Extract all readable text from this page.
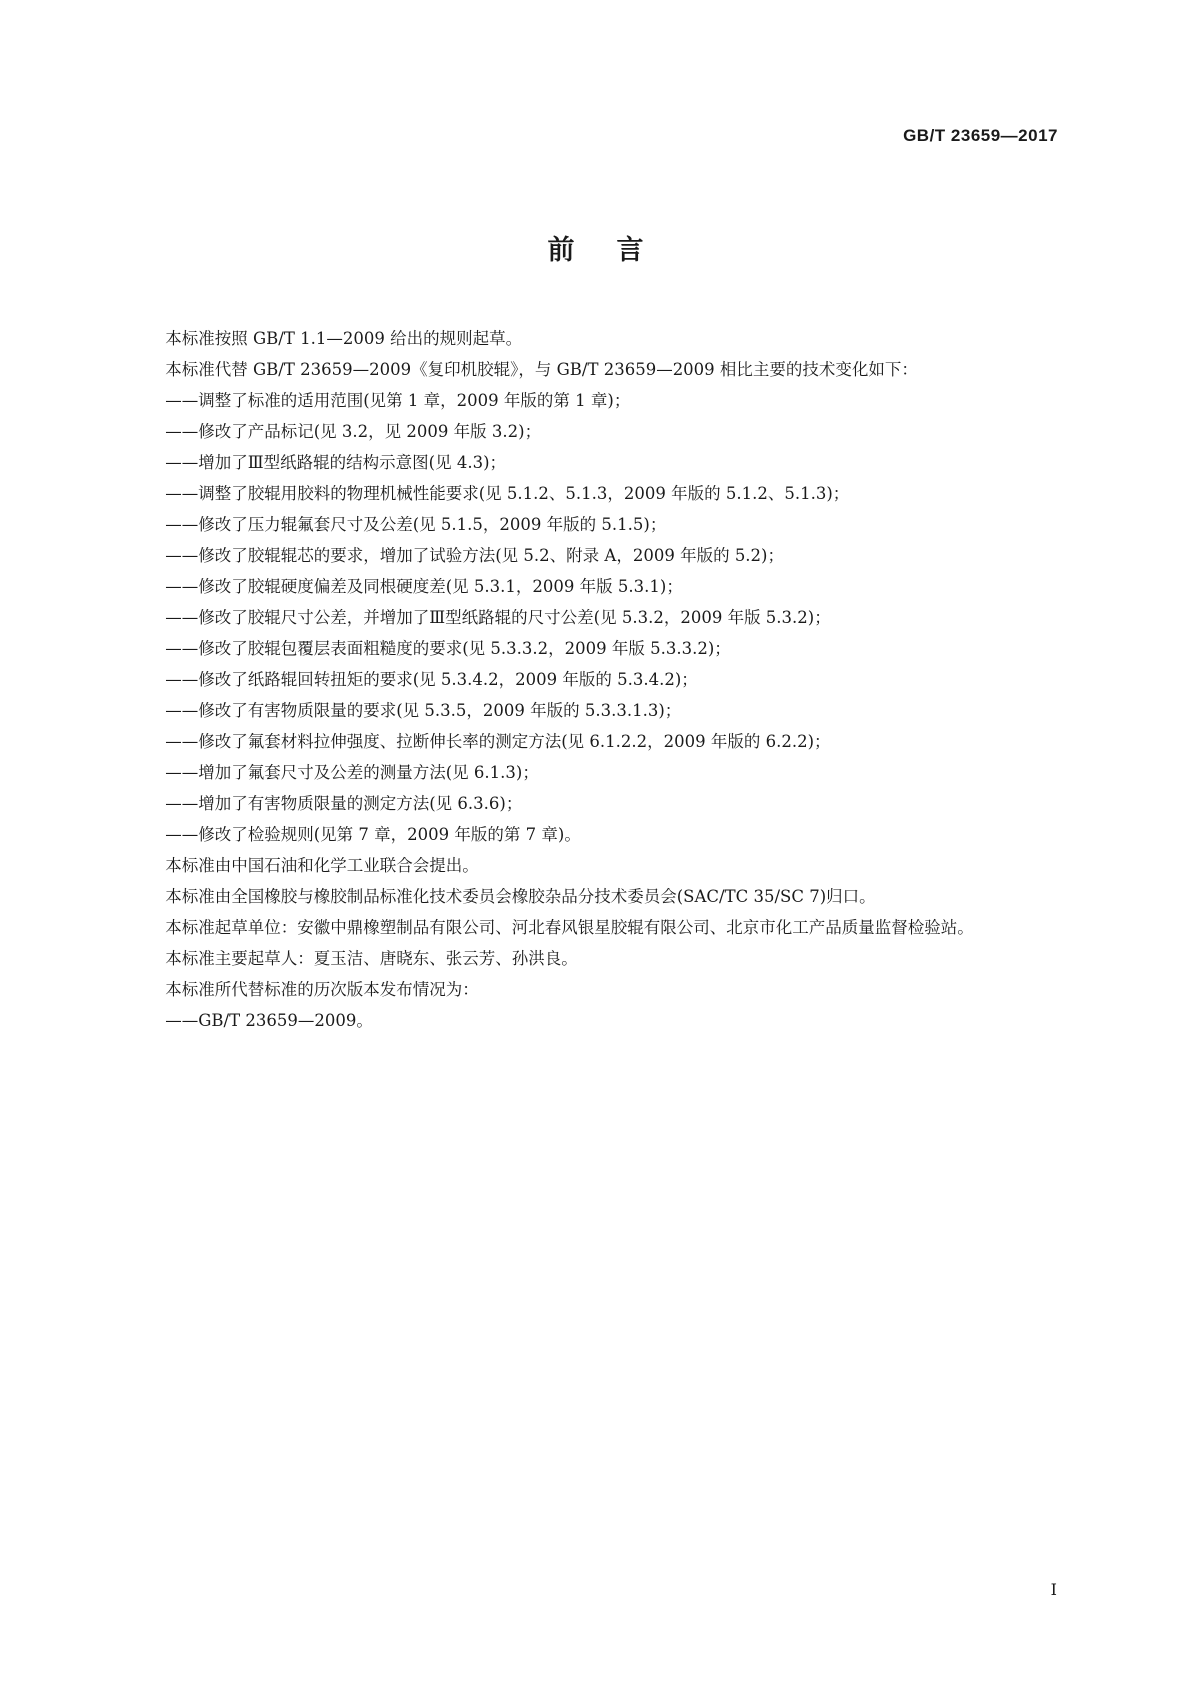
GB/T 23659—2017
前言

本标准按照 GB/T 1.1—2009 给出的规则起草。

本标准代替 GB/T 23659—2009《复印机胶辊》，与 GB/T 23659—2009 相比主要的技术变化如下：

——调整了标准的适用范围(见第 1 章，2009 年版的第 1 章)；

——修改了产品标记(见 3.2，见 2009 年版 3.2)；

——增加了Ⅲ型纸路辊的结构示意图(见 4.3)；

——调整了胶辊用胶料的物理机械性能要求(见 5.1.2、5.1.3，2009 年版的 5.1.2、5.1.3)；

——修改了压力辊氟套尺寸及公差(见 5.1.5，2009 年版的 5.1.5)；

——修改了胶辊辊芯的要求，增加了试验方法(见 5.2、附录 A，2009 年版的 5.2)；

——修改了胶辊硬度偏差及同根硬度差(见 5.3.1，2009 年版 5.3.1)；

——修改了胶辊尺寸公差，并增加了Ⅲ型纸路辊的尺寸公差(见 5.3.2，2009 年版 5.3.2)；

——修改了胶辊包覆层表面粗糙度的要求(见 5.3.3.2，2009 年版 5.3.3.2)；

——修改了纸路辊回转扭矩的要求(见 5.3.4.2，2009 年版的 5.3.4.2)；

——修改了有害物质限量的要求(见 5.3.5，2009 年版的 5.3.3.1.3)；

——修改了氟套材料拉伸强度、拉断伸长率的测定方法(见 6.1.2.2，2009 年版的 6.2.2)；

——增加了氟套尺寸及公差的测量方法(见 6.1.3)；

——增加了有害物质限量的测定方法(见 6.3.6)；

——修改了检验规则(见第 7 章，2009 年版的第 7 章)。

本标准由中国石油和化学工业联合会提出。

本标准由全国橡胶与橡胶制品标准化技术委员会橡胶杂品分技术委员会(SAC/TC 35/SC 7)归口。

本标准起草单位：安徽中鼎橡塑制品有限公司、河北春风银星胶辊有限公司、北京市化工产品质量监督检验站。

本标准主要起草人：夏玉洁、唐晓东、张云芳、孙洪良。

本标准所代替标准的历次版本发布情况为：

——GB/T 23659—2009。

I
